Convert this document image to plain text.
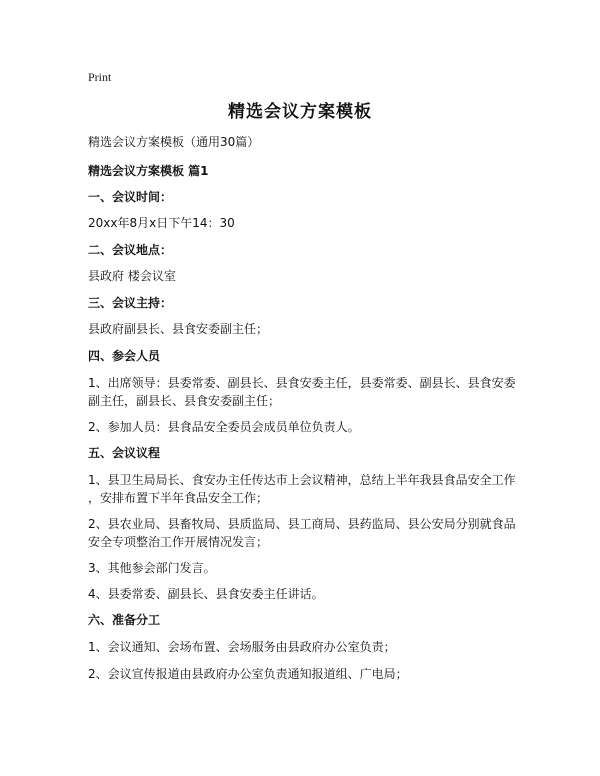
Print
精选会议方案模板
精选会议方案模板（通用30篇）
精选会议方案模板 篇1
一、会议时间：
20xx年8月x日下午14：30
二、会议地点：
县政府 楼会议室
三、会议主持：
县政府副县长、县食安委副主任；
四、参会人员
1、出席领导：县委常委、副县长、县食安委主任，县委常委、副县长、县食安委
副主任，副县长、县食安委副主任；
2、参加人员：县食品安全委员会成员单位负责人。
五、会议议程
1、县卫生局局长、食安办主任传达市上会议精神，总结上半年我县食品安全工作
，安排布置下半年食品安全工作；
2、县农业局、县畜牧局、县质监局、县工商局、县药监局、县公安局分别就食品
安全专项整治工作开展情况发言；
3、其他参会部门发言。
4、县委常委、副县长、县食安委主任讲话。
六、准备分工
1、会议通知、会场布置、会场服务由县政府办公室负责；
2、会议宣传报道由县政府办公室负责通知报道组、广电局；
